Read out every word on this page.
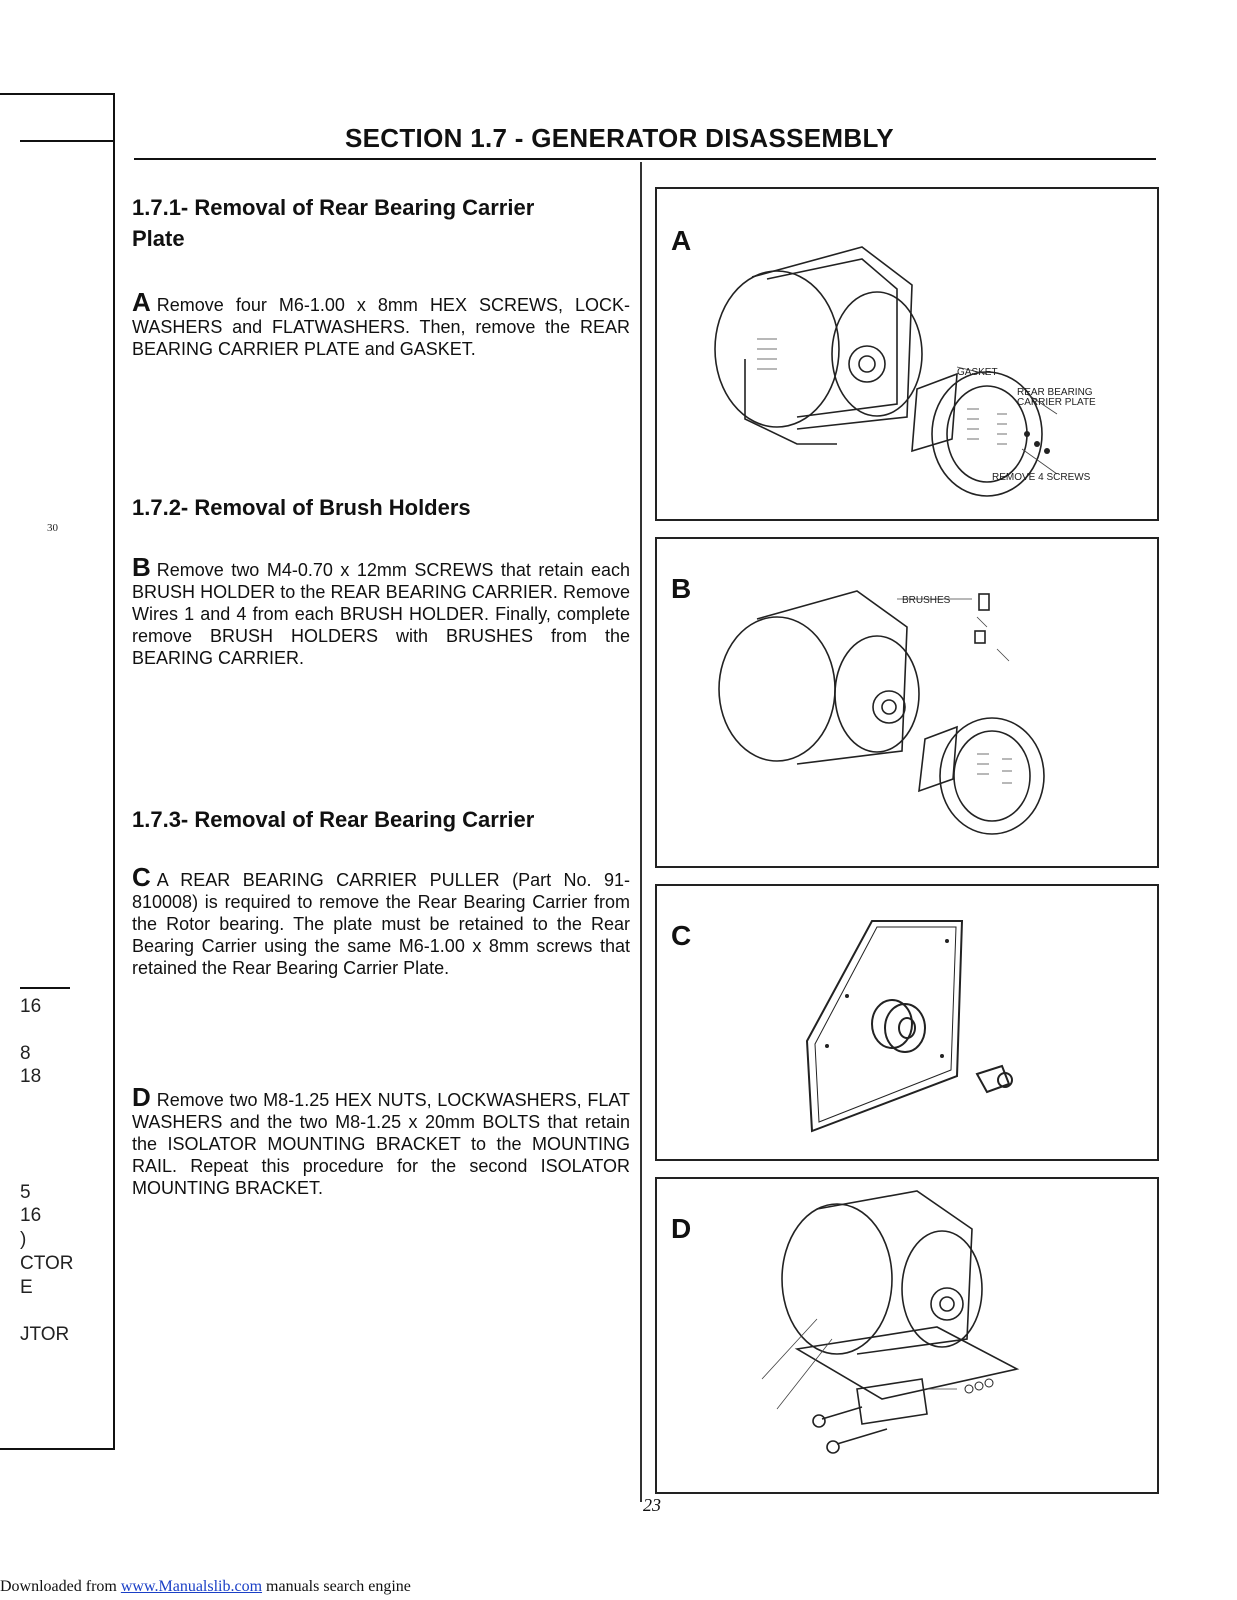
30
16
8
18
5
16
)
CTOR
E
JTOR
SECTION 1.7 - GENERATOR DISASSEMBLY
1.7.1- Removal of Rear Bearing Carrier Plate
A Remove four M6-1.00 x 8mm HEX SCREWS, LOCK-WASHERS and FLATWASHERS. Then, remove the REAR BEARING CARRIER PLATE and GASKET.
1.7.2- Removal of Brush Holders
B Remove two M4-0.70 x 12mm SCREWS that retain each BRUSH HOLDER to the REAR BEARING CARRIER. Remove Wires 1 and 4 from each BRUSH HOLDER. Finally, complete remove BRUSH HOLDERS with BRUSHES from the BEARING CARRIER.
1.7.3- Removal of Rear Bearing Carrier
C A REAR BEARING CARRIER PULLER (Part No. 91-810008) is required to remove the Rear Bearing Carrier from the Rotor bearing. The plate must be retained to the Rear Bearing Carrier using the same M6-1.00 x 8mm screws that retained the Rear Bearing Carrier Plate.
D Remove two M8-1.25 HEX NUTS, LOCKWASHERS, FLAT WASHERS and the two M8-1.25 x 20mm BOLTS that retain the ISOLATOR MOUNTING BRACKET to the MOUNTING RAIL. Repeat this procedure for the second ISOLATOR MOUNTING BRACKET.
A
GASKET
REAR BEARING
CARRIER PLATE
REMOVE 4 SCREWS
B	BRUSHES
C
D
23
Downloaded from www.Manualslib.com manuals search engine
